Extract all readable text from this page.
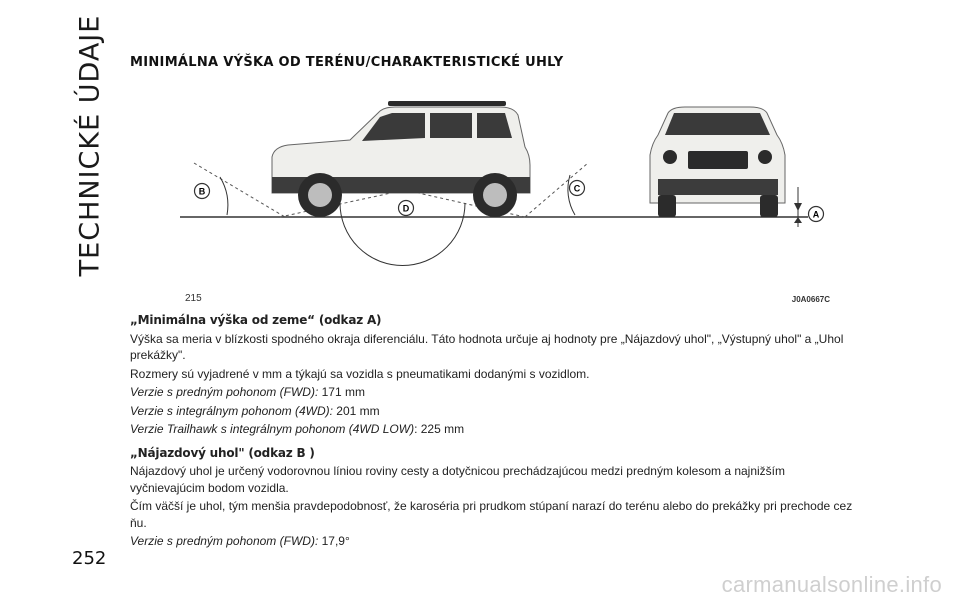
TECHNICKÉ ÚDAJE MINIMÁLNA VÝŠKA OD TERÉNU/CHARAKTERISTICKÉ UHLY
B	C
D
A
215	J0A0667C
„Minimálna výška od zeme“ (odkaz A)

Výška sa meria v blízkosti spodného okraja diferenciálu. Táto hodnota určuje aj hodnoty pre „Nájazdový uhol", „Výstupný uhol" a „Uhol prekážky".

Rozmery sú vyjadrené v mm a týkajú sa vozidla s pneumatikami dodanými s vozidlom.

Verzie s predným pohonom (FWD): 171 mm

Verzie s integrálnym pohonom (4WD): 201 mm

Verzie Trailhawk s integrálnym pohonom (4WD LOW): 225 mm

„Nájazdový uhol" (odkaz B )

Nájazdový uhol je určený vodorovnou líniou roviny cesty a dotyčnicou prechádzajúcou medzi predným kolesom a najnižším vyčnievajúcim bodom vozidla.

Čím väčší je uhol, tým menšia pravdepodobnosť, že karoséria pri prudkom stúpaní narazí do terénu alebo do prekážky pri prechode cez ňu.

Verzie s predným pohonom (FWD): 17,9°

252
carmanualsonline.info
